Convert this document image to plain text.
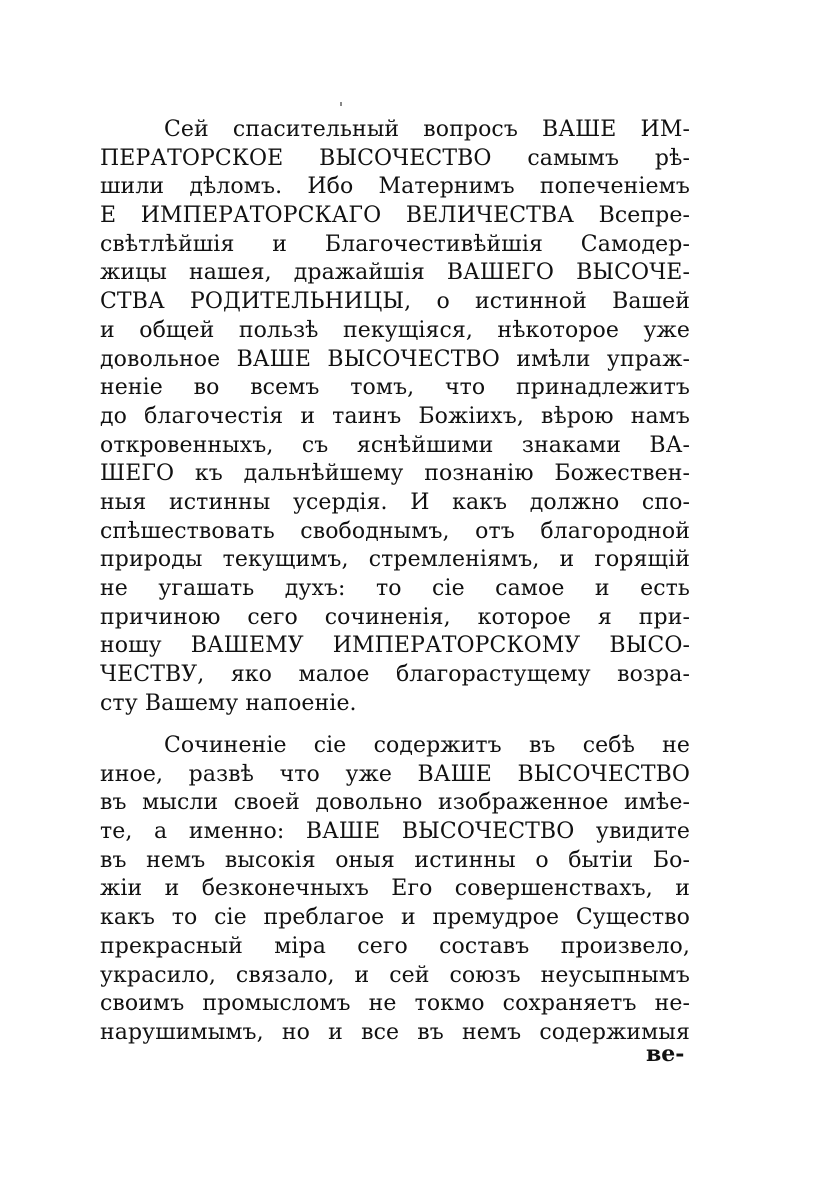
Сей спасительный вопросъ ВАШЕ ИМ-
ПЕРАТОРСКОЕ ВЫСОЧЕСТВО самымъ рѣ-
шили дѣломъ. Ибо Матернимъ попеченіемъ
Е ИМПЕРАТОРСКАГО ВЕЛИЧЕСТВА Всепре-
свѣтлѣйшія и Благочестивѣйшія Самодер-
жицы нашея, дражайшія ВАШЕГО ВЫСОЧЕ-
СТВА РОДИТЕЛЬНИЦЫ, о истинной Вашей
и общей пользѣ пекущіяся, нѣкоторое уже
довольное ВАШЕ ВЫСОЧЕСТВО имѣли упраж-
неніе во всемъ томъ, что принадлежитъ
до благочестія и таинъ Божіихъ, вѣрою намъ
откровенныхъ, съ яснѣйшими знаками ВА-
ШЕГО къ дальнѣйшему познанію Божествен-
ныя истинны усердія. И какъ должно спо-
спѣшествовать свободнымъ, отъ благородной
природы текущимъ, стремленіямъ, и горящій
не угашать духъ: то сіе самое и есть
причиною сего сочиненія, которое я при-
ношу ВАШЕМУ ИМПЕРАТОРСКОМУ ВЫСО-
ЧЕСТВУ, яко малое благорастущему возра-
сту Вашему напоеніе.
Сочиненіе сіе содержитъ въ себѣ не
иное, развѣ что уже ВАШЕ ВЫСОЧЕСТВО
въ мысли своей довольно изображенное имѣе-
те, а именно: ВАШЕ ВЫСОЧЕСТВО увидите
въ немъ высокія оныя истинны о бытіи Бо-
жіи и безконечныхъ Его совершенствахъ, и
какъ то сіе преблагое и премудрое Существо
прекрасный міра сего составъ произвело,
украсило, связало, и сей союзъ неусыпнымъ
своимъ промысломъ не токмо сохраняетъ не-
нарушимымъ, но и все въ немъ содержимыя
ве-
